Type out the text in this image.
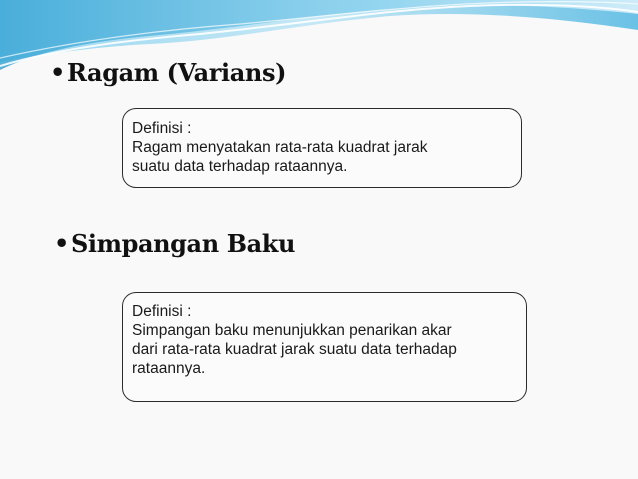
•Ragam (Varians)
Definisi :
Ragam menyatakan rata-rata kuadrat jarak
suatu data terhadap rataannya.
•Simpangan Baku
Definisi :
Simpangan baku menunjukkan penarikan akar
dari rata-rata kuadrat jarak suatu data terhadap
rataannya.
